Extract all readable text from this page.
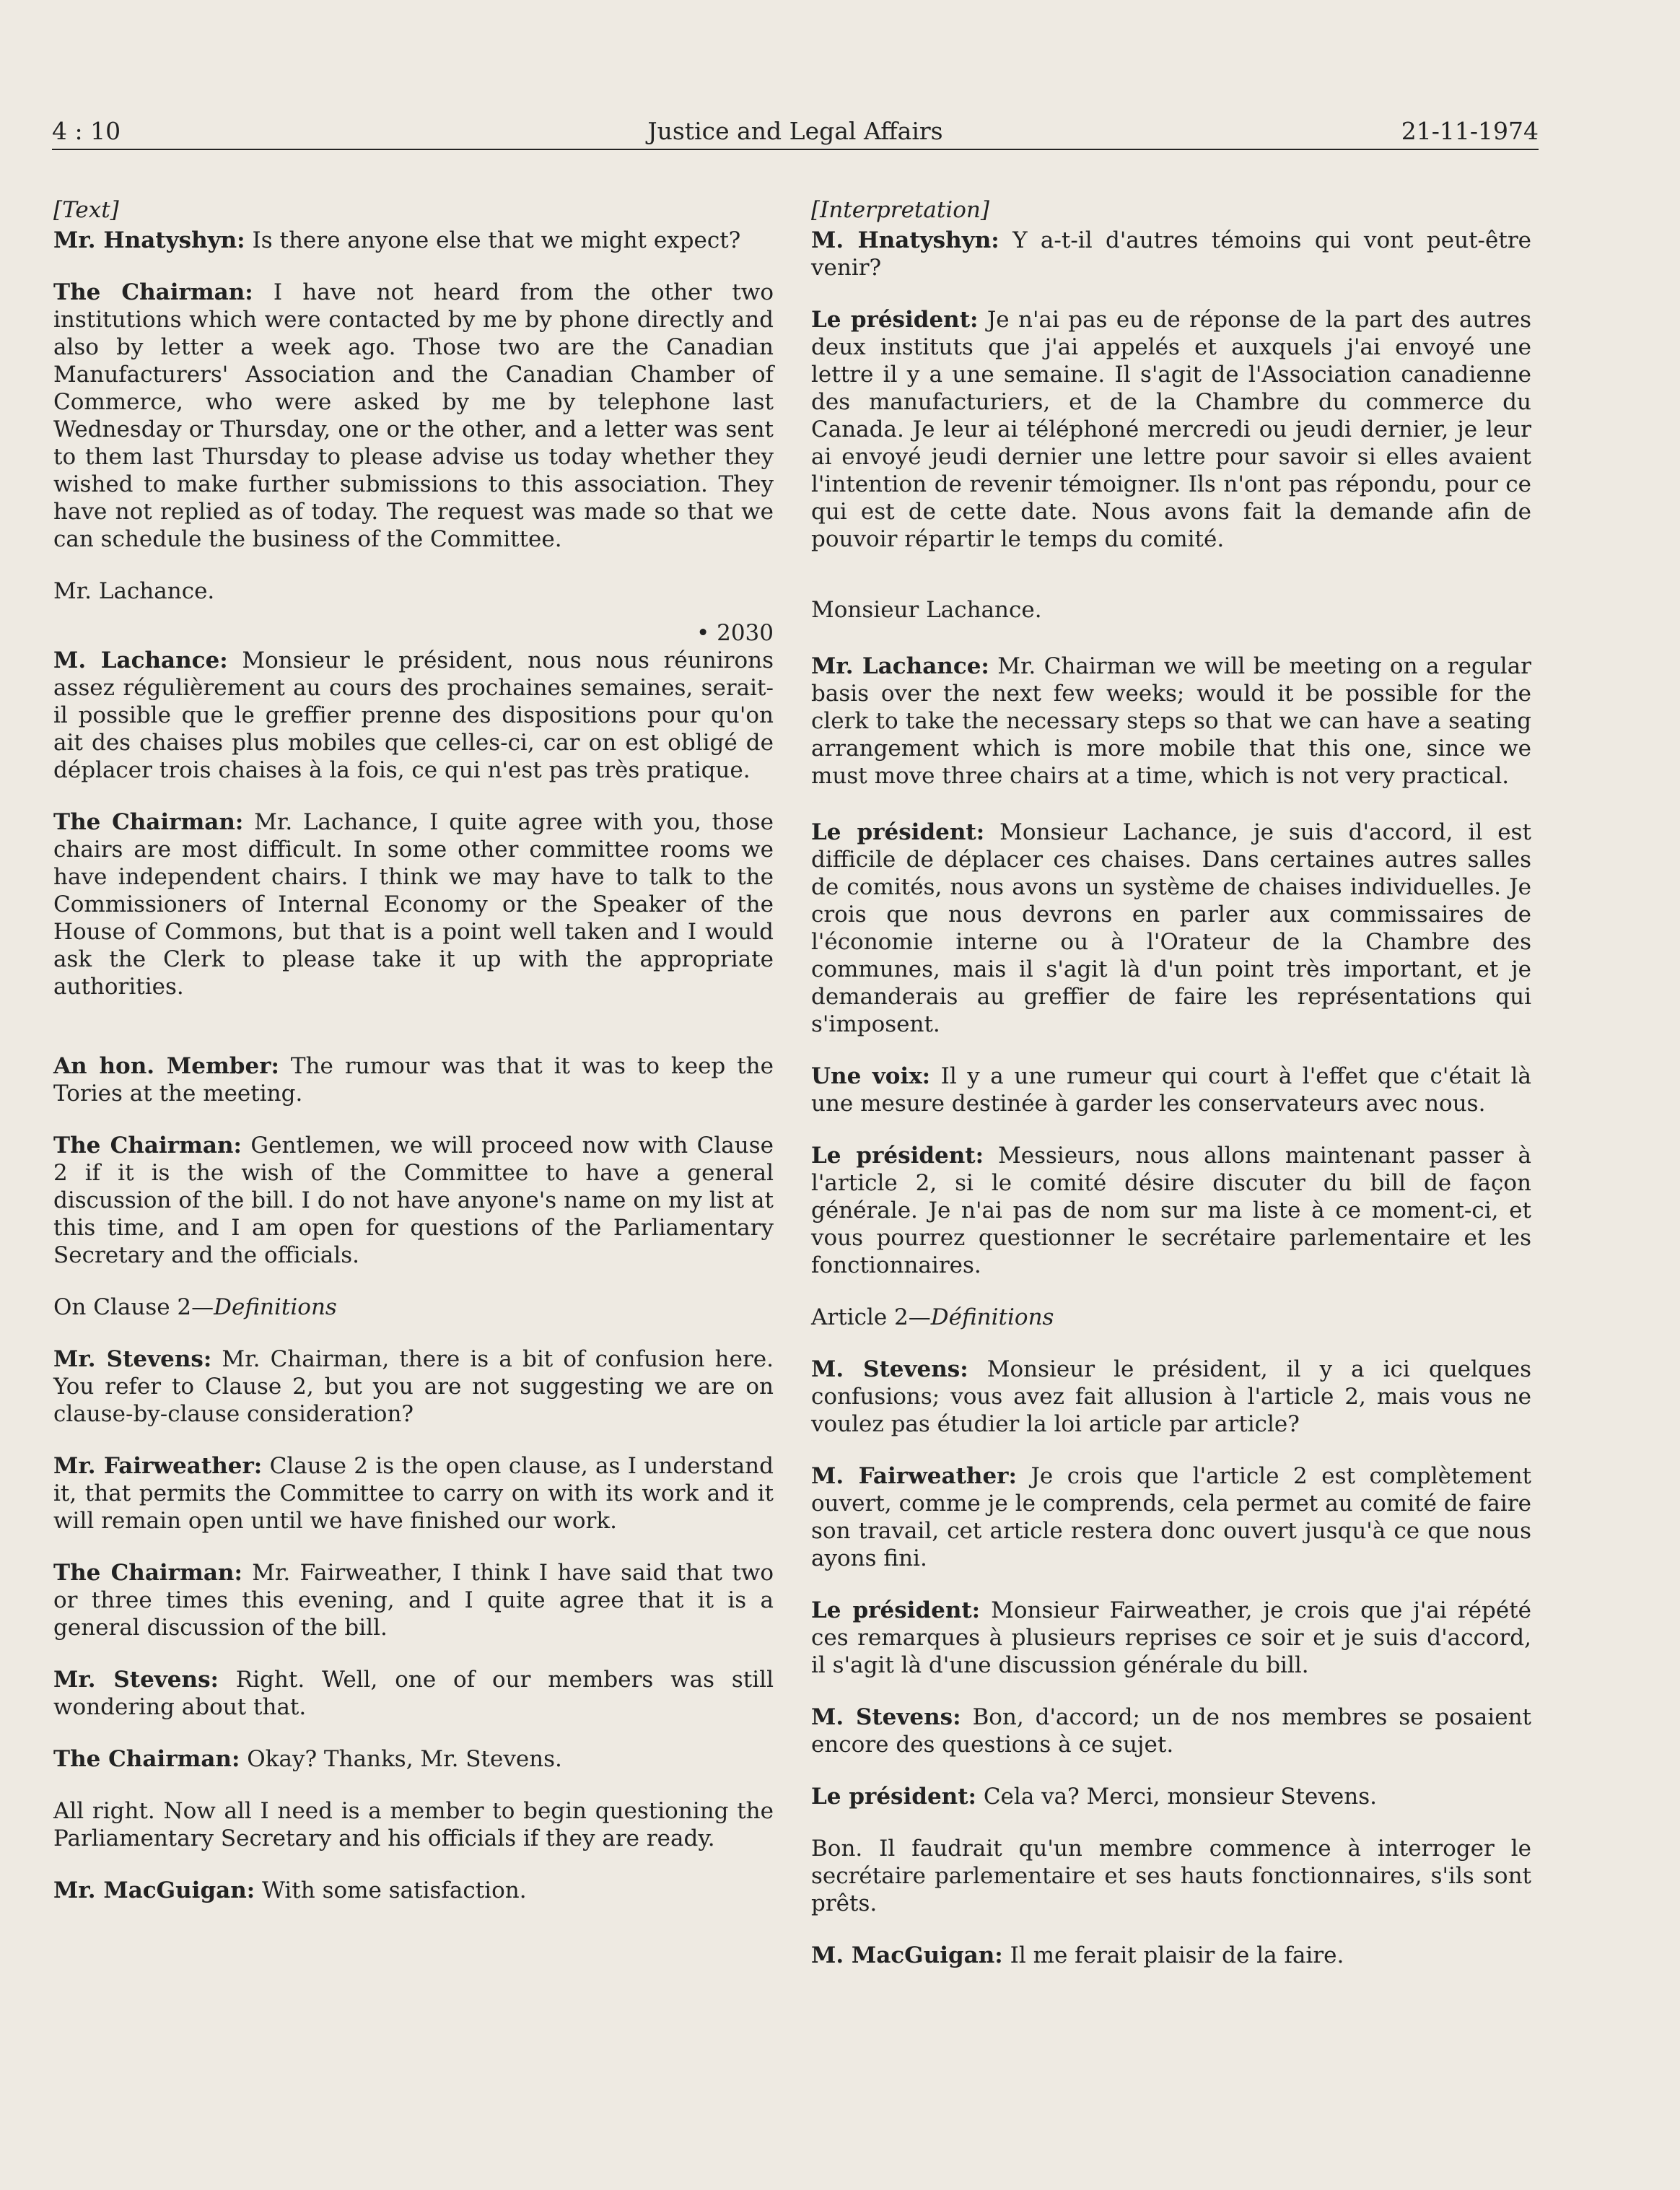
4 : 10	Justice and Legal Affairs	21-11-1974

[Text]

Mr. Hnatyshyn: Is there anyone else that we might expect?

The Chairman: I have not heard from the other two institutions which were contacted by me by phone directly and also by letter a week ago. Those two are the Canadian Manufacturers' Association and the Canadian Chamber of Commerce, who were asked by me by telephone last Wednesday or Thursday, one or the other, and a letter was sent to them last Thursday to please advise us today whether they wished to make further submissions to this association. They have not replied as of today. The request was made so that we can schedule the business of the Committee.

Mr. Lachance.

• 2030

M. Lachance: Monsieur le président, nous nous réunirons assez régulièrement au cours des prochaines semaines, serait-il possible que le greffier prenne des dispositions pour qu'on ait des chaises plus mobiles que celles-ci, car on est obligé de déplacer trois chaises à la fois, ce qui n'est pas très pratique.

The Chairman: Mr. Lachance, I quite agree with you, those chairs are most difficult. In some other committee rooms we have independent chairs. I think we may have to talk to the Commissioners of Internal Economy or the Speaker of the House of Commons, but that is a point well taken and I would ask the Clerk to please take it up with the appropriate authorities.

An hon. Member: The rumour was that it was to keep the Tories at the meeting.

The Chairman: Gentlemen, we will proceed now with Clause 2 if it is the wish of the Committee to have a general discussion of the bill. I do not have anyone's name on my list at this time, and I am open for questions of the Parliamentary Secretary and the officials.

On Clause 2—Definitions

Mr. Stevens: Mr. Chairman, there is a bit of confusion here. You refer to Clause 2, but you are not suggesting we are on clause-by-clause consideration?

Mr. Fairweather: Clause 2 is the open clause, as I understand it, that permits the Committee to carry on with its work and it will remain open until we have finished our work.

The Chairman: Mr. Fairweather, I think I have said that two or three times this evening, and I quite agree that it is a general discussion of the bill.

Mr. Stevens: Right. Well, one of our members was still wondering about that.

The Chairman: Okay? Thanks, Mr. Stevens.

All right. Now all I need is a member to begin questioning the Parliamentary Secretary and his officials if they are ready.

Mr. MacGuigan: With some satisfaction.

[Interpretation]

M. Hnatyshyn: Y a-t-il d'autres témoins qui vont peut-être venir?

Le président: Je n'ai pas eu de réponse de la part des autres deux instituts que j'ai appelés et auxquels j'ai envoyé une lettre il y a une semaine. Il s'agit de l'Association canadienne des manufacturiers, et de la Chambre du commerce du Canada. Je leur ai téléphoné mercredi ou jeudi dernier, je leur ai envoyé jeudi dernier une lettre pour savoir si elles avaient l'intention de revenir témoigner. Ils n'ont pas répondu, pour ce qui est de cette date. Nous avons fait la demande afin de pouvoir répartir le temps du comité.

Monsieur Lachance.

Mr. Lachance: Mr. Chairman we will be meeting on a regular basis over the next few weeks; would it be possible for the clerk to take the necessary steps so that we can have a seating arrangement which is more mobile that this one, since we must move three chairs at a time, which is not very practical.

Le président: Monsieur Lachance, je suis d'accord, il est difficile de déplacer ces chaises. Dans certaines autres salles de comités, nous avons un système de chaises individuelles. Je crois que nous devrons en parler aux commissaires de l'économie interne ou à l'Orateur de la Chambre des communes, mais il s'agit là d'un point très important, et je demanderais au greffier de faire les représentations qui s'imposent.

Une voix: Il y a une rumeur qui court à l'effet que c'était là une mesure destinée à garder les conservateurs avec nous.

Le président: Messieurs, nous allons maintenant passer à l'article 2, si le comité désire discuter du bill de façon générale. Je n'ai pas de nom sur ma liste à ce moment-ci, et vous pourrez questionner le secrétaire parlementaire et les fonctionnaires.

Article 2—Définitions

M. Stevens: Monsieur le président, il y a ici quelques confusions; vous avez fait allusion à l'article 2, mais vous ne voulez pas étudier la loi article par article?

M. Fairweather: Je crois que l'article 2 est complètement ouvert, comme je le comprends, cela permet au comité de faire son travail, cet article restera donc ouvert jusqu'à ce que nous ayons fini.

Le président: Monsieur Fairweather, je crois que j'ai répété ces remarques à plusieurs reprises ce soir et je suis d'accord, il s'agit là d'une discussion générale du bill.

M. Stevens: Bon, d'accord; un de nos membres se posaient encore des questions à ce sujet.

Le président: Cela va? Merci, monsieur Stevens.

Bon. Il faudrait qu'un membre commence à interroger le secrétaire parlementaire et ses hauts fonctionnaires, s'ils sont prêts.

M. MacGuigan: Il me ferait plaisir de la faire.
